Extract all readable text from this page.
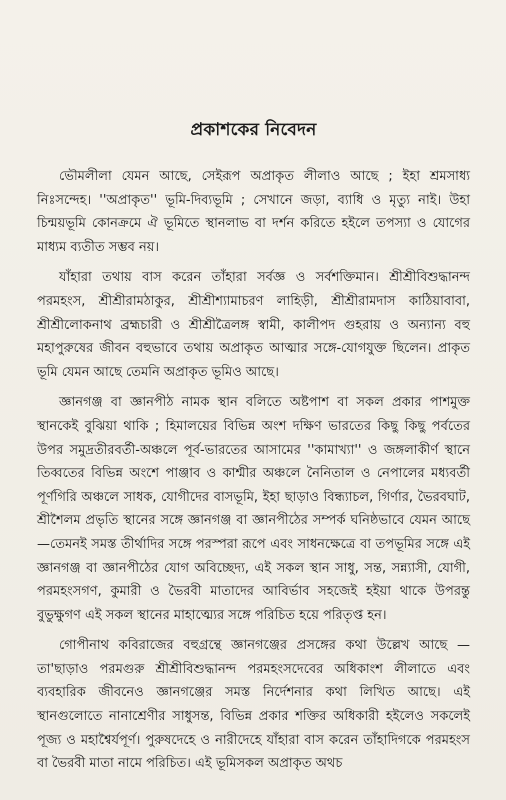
প্রকাশকের নিবেদন

ভৌমলীলা যেমন আছে, সেইরূপ অপ্রাকৃত লীলাও আছে ; ইহা শ্রমসাধ্য নিঃসন্দেহ। ''অপ্রাকৃত'' ভূমি-দিব্যভূমি ; সেখানে জড়া, ব্যাধি ও মৃত্যু নাই। উহা চিন্ময়ভূমি কোনক্রমে ঐ ভূমিতে স্থানলাভ বা দর্শন করিতে হইলে তপস্যা ও যোগের মাধ্যম ব্যতীত সম্ভব নয়।

যাঁহারা তথায় বাস করেন তাঁহারা সর্বজ্ঞ ও সর্বশক্তিমান। শ্রীশ্রীবিশুদ্ধানন্দ পরমহংস, শ্রীশ্রীরামঠাকুর, শ্রীশ্রীশ্যামাচরণ লাহিড়ী, শ্রীশ্রীরামদাস কাঠিয়াবাবা, শ্রীশ্রীলোকনাথ ব্রহ্মচারী ও শ্রীশ্রীত্রৈলঙ্গ স্বামী, কালীপদ গুহরায় ও অন্যান্য বহু মহাপুরুষের জীবন বহুভাবে তথায় অপ্রাকৃত আত্মার সঙ্গে-যোগযুক্ত ছিলেন। প্রাকৃত ভূমি যেমন আছে তেমনি অপ্রাকৃত ভূমিও আছে।

জ্ঞানগঞ্জ বা জ্ঞানপীঠ নামক স্থান বলিতে অষ্টপাশ বা সকল প্রকার পাশমুক্ত স্থানকেই বুঝিয়া থাকি ; হিমালয়ের বিভিন্ন অংশ দক্ষিণ ভারতের কিছু কিছু পর্বতের উপর সমুদ্রতীরবর্তী-অঞ্চলে পূর্ব-ভারতের আসামের ''কামাখ্যা'' ও জঙ্গলাকীর্ণ স্থানে তিব্বতের বিভিন্ন অংশে পাঞ্জাব ও কাশ্মীর অঞ্চলে নৈনিতাল ও নেপালের মধ্যবর্তী পূর্ণগিরি অঞ্চলে সাধক, যোগীদের বাসভূমি, ইহা ছাড়াও বিন্ধ্যাচল, গির্ণার, ভৈরবঘাট, শ্রীশৈলম প্রভৃতি স্থানের সঙ্গে জ্ঞানগঞ্জ বা জ্ঞানপীঠের সম্পর্ক ঘনিষ্ঠভাবে যেমন আছে—তেমনই সমস্ত তীর্থাদির সঙ্গে পরস্পরা রূপে এবং সাধনক্ষেত্রে বা তপভূমির সঙ্গে এই জ্ঞানগঞ্জ বা জ্ঞানপীঠের যোগ অবিচ্ছেদ্য, এই সকল স্থান সাধু, সন্ত, সন্ন্যাসী, যোগী, পরমহংসগণ, কুমারী ও ভৈরবী মাতাদের আবির্ভাব সহজেই হইয়া থাকে উপরন্তু বুভুক্ষুগণ এই সকল স্থানের মাহাত্ম্যের সঙ্গে পরিচিত হয়ে পরিতৃপ্ত হন।

গোপীনাথ কবিরাজের বহুগ্রন্থে জ্ঞানগঞ্জের প্রসঙ্গের কথা উল্লেখ আছে — তা'ছাড়াও পরমগুরু শ্রীশ্রীবিশুদ্ধানন্দ পরমহংসদেবের অধিকাংশ লীলাতে এবং ব্যবহারিক জীবনেও জ্ঞানগঞ্জের সমস্ত নির্দেশনার কথা লিখিত আছে। এই স্থানগুলোতে নানাশ্রেণীর সাধুসন্ত, বিভিন্ন প্রকার শক্তির অধিকারী হইলেও সকলেই পূজ্য ও মহাশ্বৈর্যপূর্ণ। পুরুষদেহে ও নারীদেহে যাঁহারা বাস করেন তাঁহাদিগকে পরমহংস বা ভৈরবী মাতা নামে পরিচিত। এই ভূমিসকল অপ্রাকৃত অথচ
